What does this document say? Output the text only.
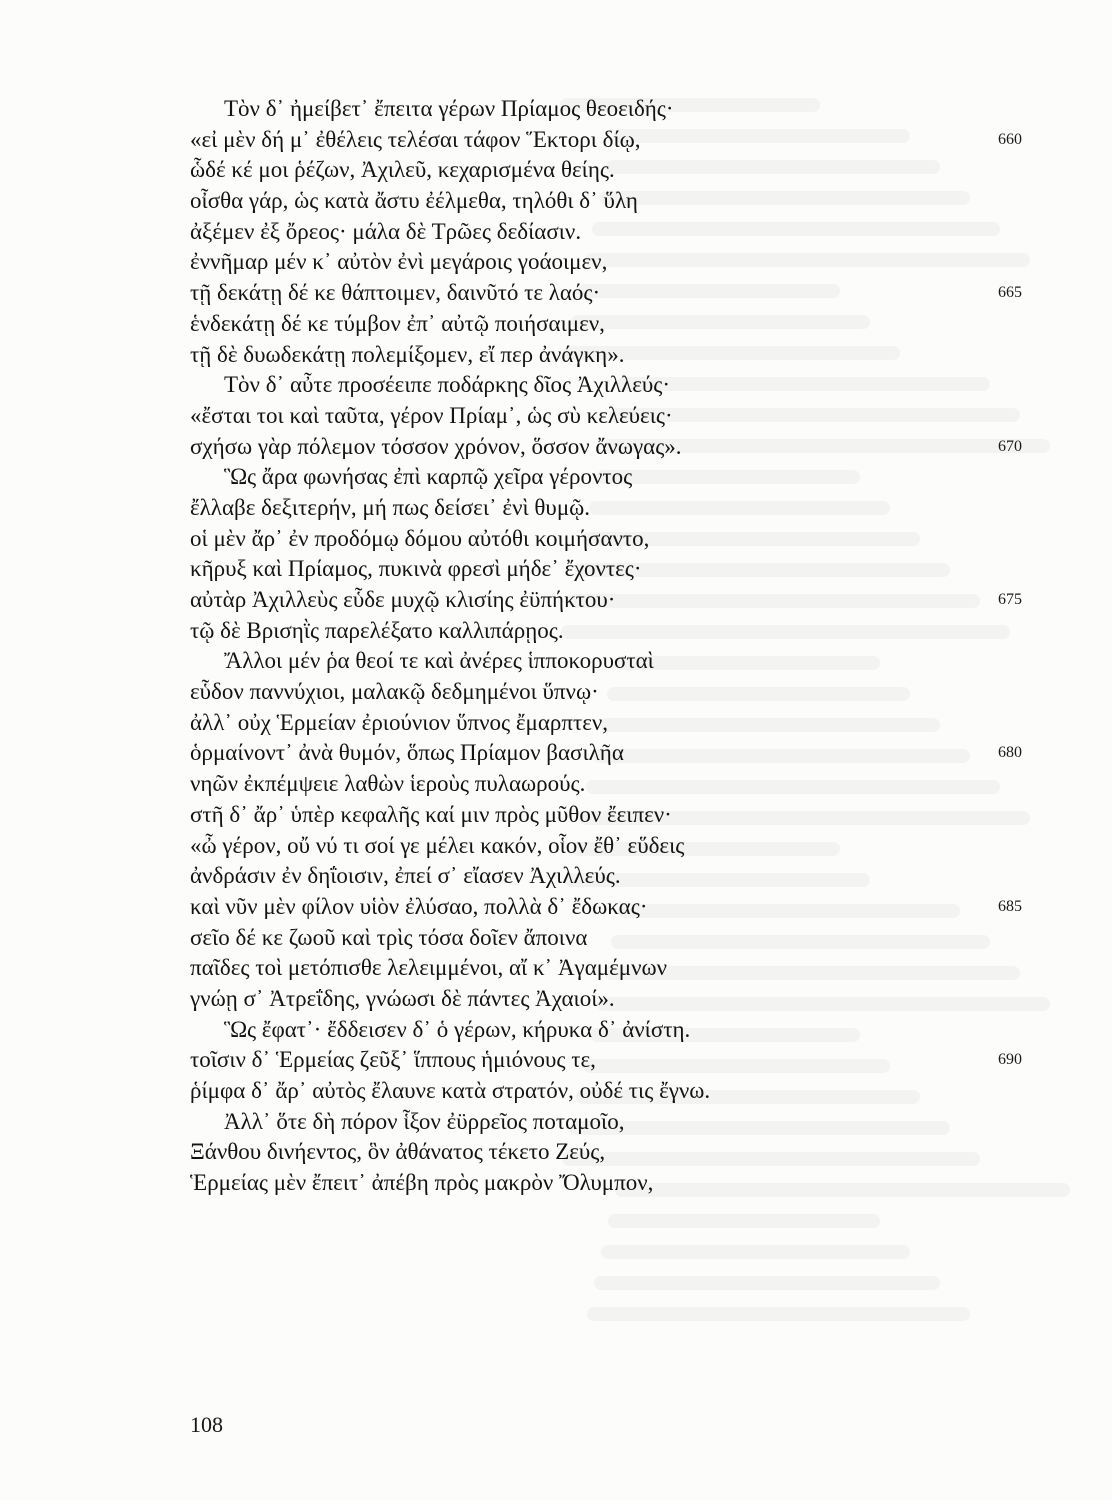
Τὸν δ᾽ ἠμείβετ᾽ ἔπειτα γέρων Πρίαμος θεοειδής·
«εἰ μὲν δή μ᾽ ἐθέλεις τελέσαι τάφον Ἕκτορι δίῳ,	660
ὧδέ κέ μοι ῥέζων, Ἀχιλεῦ, κεχαρισμένα θείης.
οἶσθα γάρ, ὡς κατὰ ἄστυ ἐέλμεθα, τηλόθι δ᾽ ὕλη
ἀξέμεν ἐξ ὄρεος· μάλα δὲ Τρῶες δεδίασιν.
ἐννῆμαρ μέν κ᾽ αὐτὸν ἐνὶ μεγάροις γοάοιμεν,
τῇ δεκάτῃ δέ κε θάπτοιμεν, δαινῦτό τε λαός·	665
ἑνδεκάτῃ δέ κε τύμβον ἐπ᾽ αὐτῷ ποιήσαιμεν,
τῇ δὲ δυωδεκάτῃ πολεμίξομεν, εἴ περ ἀνάγκη».
Τὸν δ᾽ αὖτε προσέειπε ποδάρκης δῖος Ἀχιλλεύς·
«ἔσται τοι καὶ ταῦτα, γέρον Πρίαμ᾽, ὡς σὺ κελεύεις·
σχήσω γὰρ πόλεμον τόσσον χρόνον, ὅσσον ἄνωγας».	670
Ὣς ἄρα φωνήσας ἐπὶ καρπῷ χεῖρα γέροντος
ἔλλαβε δεξιτερήν, μή πως δείσει᾽ ἐνὶ θυμῷ.
οἱ μὲν ἄρ᾽ ἐν προδόμῳ δόμου αὐτόθι κοιμήσαντο,
κῆρυξ καὶ Πρίαμος, πυκινὰ φρεσὶ μήδε᾽ ἔχοντες·
αὐτὰρ Ἀχιλλεὺς εὗδε μυχῷ κλισίης ἐϋπήκτου·	675
τῷ δὲ Βρισηῒς παρελέξατο καλλιπάρῃος.
Ἄλλοι μέν ῥα θεοί τε καὶ ἀνέρες ἱπποκορυσταὶ
εὗδον παννύχιοι, μαλακῷ δεδμημένοι ὕπνῳ·
ἀλλ᾽ οὐχ Ἑρμείαν ἐριούνιον ὕπνος ἔμαρπτεν,
ὁρμαίνοντ᾽ ἀνὰ θυμόν, ὅπως Πρίαμον βασιλῆα	680
νηῶν ἐκπέμψειε λαθὼν ἱεροὺς πυλαωρούς.
στῆ δ᾽ ἄρ᾽ ὑπὲρ κεφαλῆς καί μιν πρὸς μῦθον ἔειπεν·
«ὦ γέρον, οὔ νύ τι σοί γε μέλει κακόν, οἷον ἔθ᾽ εὕδεις
ἀνδράσιν ἐν δηΐοισιν, ἐπεί σ᾽ εἴασεν Ἀχιλλεύς.
καὶ νῦν μὲν φίλον υἱὸν ἐλύσαο, πολλὰ δ᾽ ἔδωκας·	685
σεῖο δέ κε ζωοῦ καὶ τρὶς τόσα δοῖεν ἄποινα
παῖδες τοὶ μετόπισθε λελειμμένοι, αἴ κ᾽ Ἀγαμέμνων
γνώῃ σ᾽ Ἀτρεΐδης, γνώωσι δὲ πάντες Ἀχαιοί».
Ὣς ἔφατ᾽· ἔδδεισεν δ᾽ ὁ γέρων, κήρυκα δ᾽ ἀνίστη.
τοῖσιν δ᾽ Ἑρμείας ζεῦξ᾽ ἵππους ἡμιόνους τε,	690
ῥίμφα δ᾽ ἄρ᾽ αὐτὸς ἔλαυνε κατὰ στρατόν, οὐδέ τις ἔγνω.
Ἀλλ᾽ ὅτε δὴ πόρον ἷξον ἐϋρρεῖος ποταμοῖο,
Ξάνθου δινήεντος, ὃν ἀθάνατος τέκετο Ζεύς,
Ἑρμείας μὲν ἔπειτ᾽ ἀπέβη πρὸς μακρὸν Ὄλυμπον,
108
